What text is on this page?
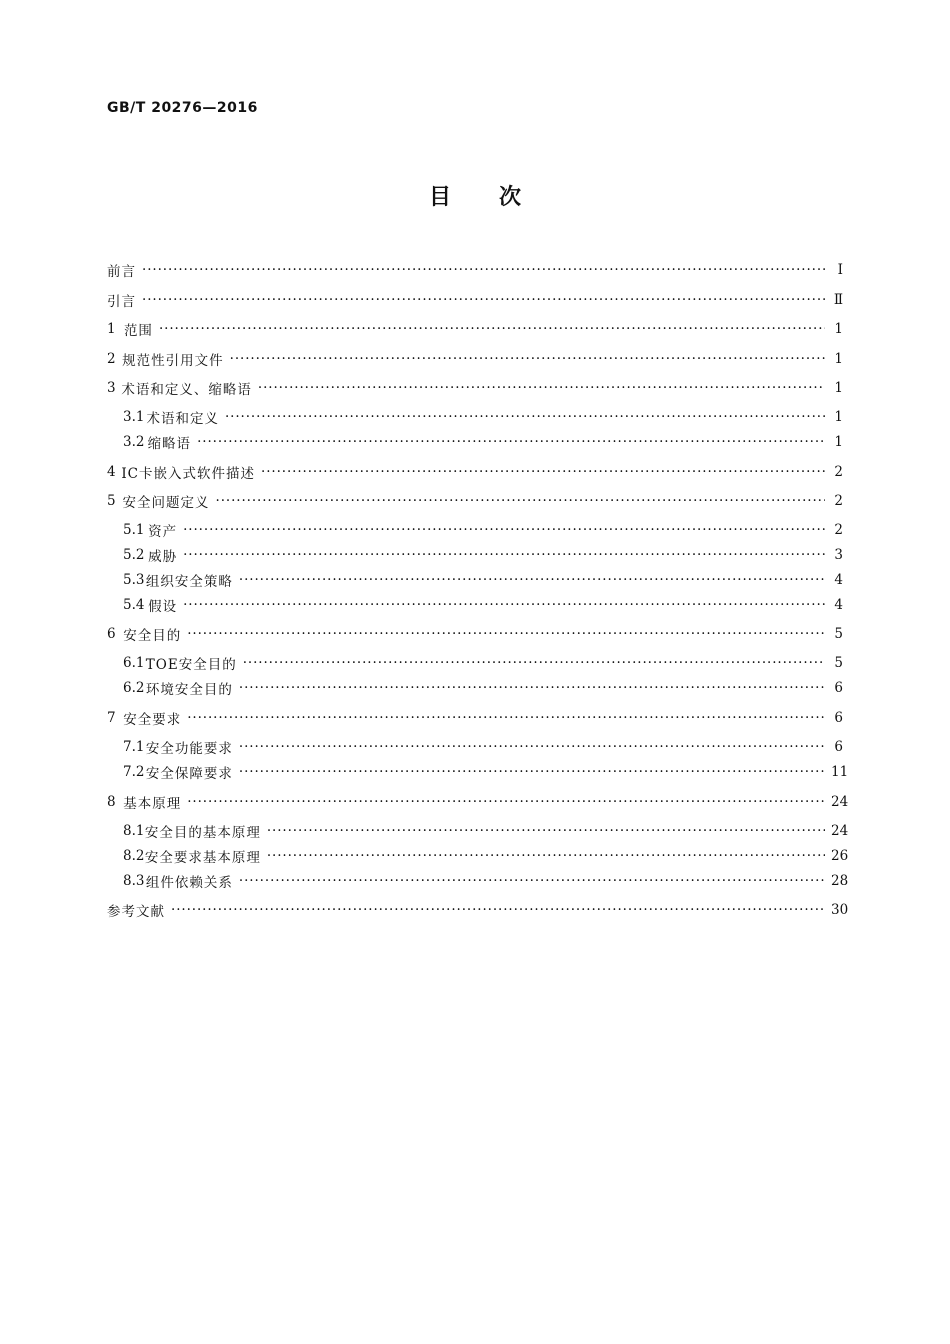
GB/T 20276—2016
目 次
前言 ·····	Ⅰ
引言 ·····	Ⅱ
1 范围 ·····	1
2 规范性引用文件 ·····	1
3 术语和定义、缩略语 ·····	1
3.1 术语和定义 ·····	1
3.2 缩略语 ·····	1
4 IC卡嵌入式软件描述 ·····	2
5 安全问题定义 ·····	2
5.1 资产 ·····	2
5.2 威胁 ·····	3
5.3 组织安全策略 ·····	4
5.4 假设 ·····	4
6 安全目的 ·····	5
6.1 TOE安全目的 ·····	5
6.2 环境安全目的 ·····	6
7 安全要求 ·····	6
7.1 安全功能要求 ·····	6
7.2 安全保障要求 ·····	11
8 基本原理 ·····	24
8.1 安全目的基本原理 ·····	24
8.2 安全要求基本原理 ·····	26
8.3 组件依赖关系 ·····	28
参考文献 ·····	30
